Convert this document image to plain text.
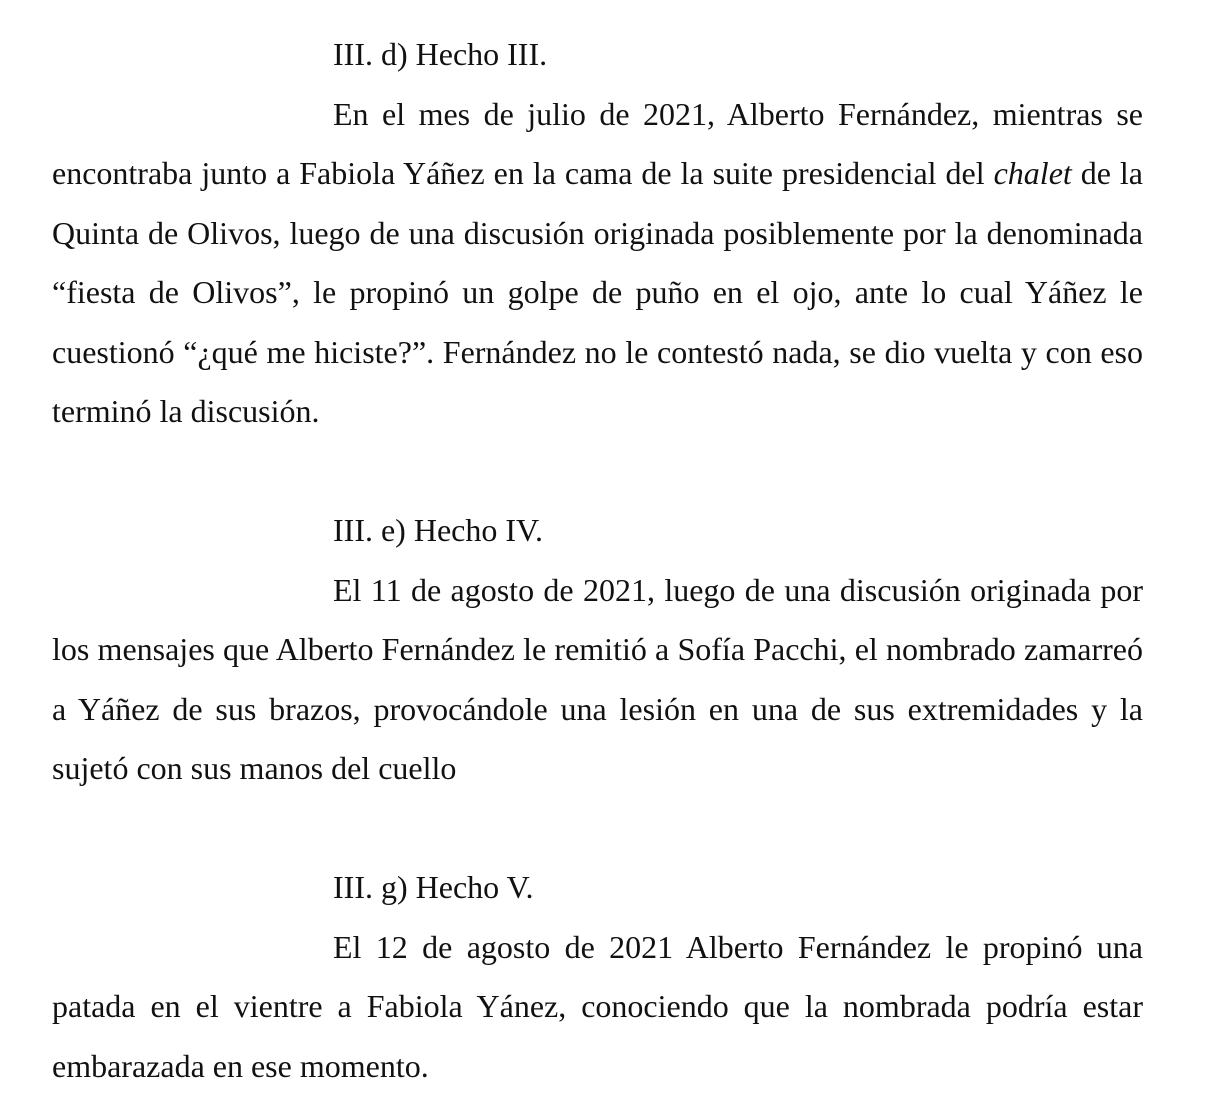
III. d) Hecho III.

En el mes de julio de 2021, Alberto Fernández, mientras se encontraba junto a Fabiola Yáñez en la cama de la suite presidencial del chalet de la Quinta de Olivos, luego de una discusión originada posiblemente por la denominada “fiesta de Olivos”, le propinó un golpe de puño en el ojo, ante lo cual Yáñez le cuestionó “¿qué me hiciste?”. Fernández no le contestó nada, se dio vuelta y con eso terminó la discusión.

III. e) Hecho IV.

El 11 de agosto de 2021, luego de una discusión originada por los mensajes que Alberto Fernández le remitió a Sofía Pacchi, el nombrado zamarreó a Yáñez de sus brazos, provocándole una lesión en una de sus extremidades y la sujetó con sus manos del cuello

III. g) Hecho V.

El 12 de agosto de 2021 Alberto Fernández le propinó una patada en el vientre a Fabiola Yánez, conociendo que la nombrada podría estar embarazada en ese momento.
